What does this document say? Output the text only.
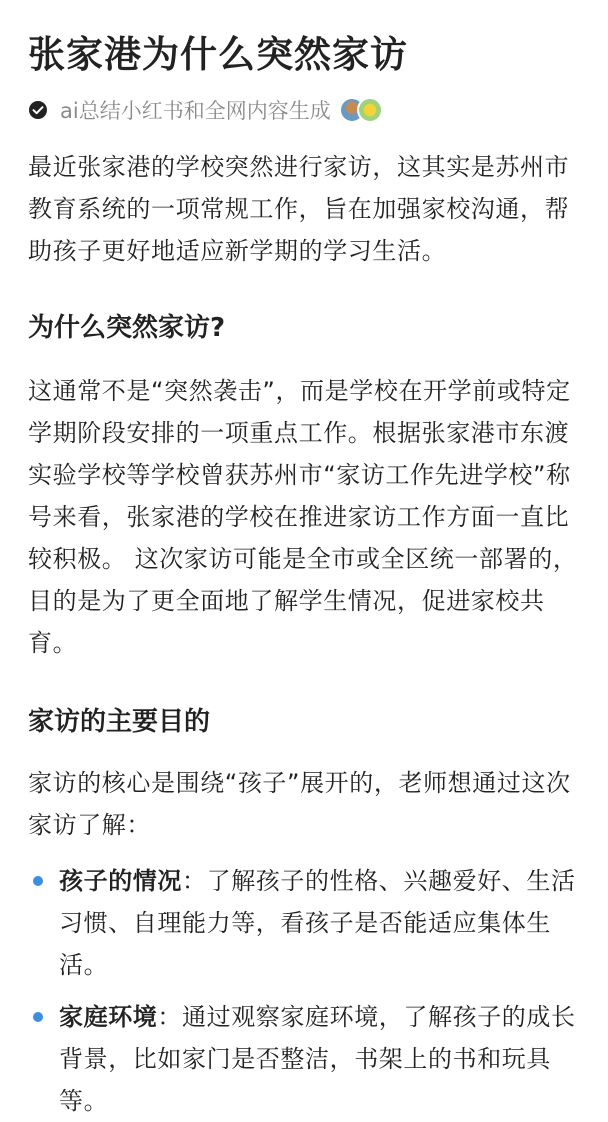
张家港为什么突然家访
ai总结小红书和全网内容生成

最近张家港的学校突然进行家访，这其实是苏州市教育系统的一项常规工作，旨在加强家校沟通，帮助孩子更好地适应新学期的学习生活。

为什么突然家访?

这通常不是“突然袭击”，而是学校在开学前或特定学期阶段安排的一项重点工作。根据张家港市东渡实验学校等学校曾获苏州市“家访工作先进学校”称号来看，张家港的学校在推进家访工作方面一直比较积极。 这次家访可能是全市或全区统一部署的，目的是为了更全面地了解学生情况，促进家校共育。

家访的主要目的

家访的核心是围绕“孩子”展开的，老师想通过这次家访了解：

孩子的情况：了解孩子的性格、兴趣爱好、生活习惯、自理能力等，看孩子是否能适应集体生活。
家庭环境：通过观察家庭环境，了解孩子的成长背景，比如家门是否整洁，书架上的书和玩具等。
